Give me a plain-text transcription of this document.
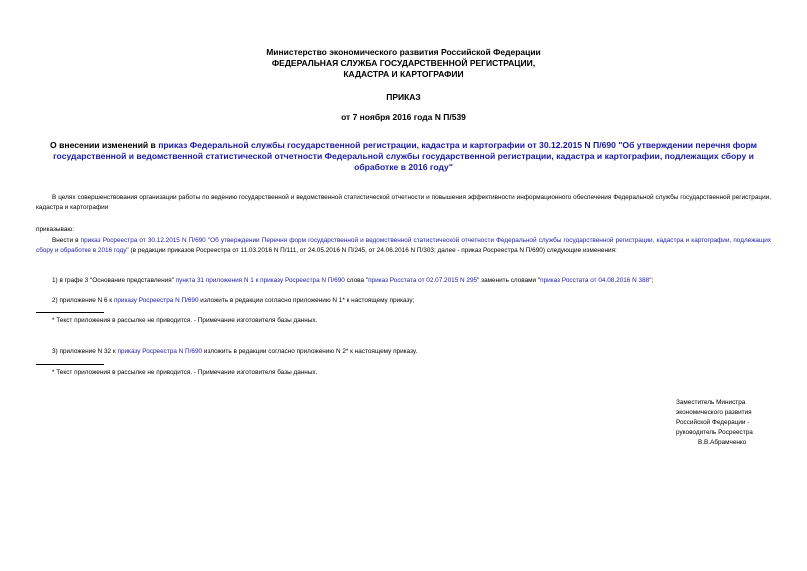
Министерство экономического развития Российской Федерации
ФЕДЕРАЛЬНАЯ СЛУЖБА ГОСУДАРСТВЕННОЙ РЕГИСТРАЦИИ,
КАДАСТРА И КАРТОГРАФИИ
ПРИКАЗ
от 7 ноября 2016 года N П/539
О внесении изменений в приказ Федеральной службы государственной регистрации, кадастра и картографии от 30.12.2015 N П/690 "Об утверждении перечня форм государственной и ведомственной статистической отчетности Федеральной службы государственной регистрации, кадастра и картографии, подлежащих сбору и обработке в 2016 году"
В целях совершенствования организации работы по ведению государственной и ведомственной статистической отчетности и повышения эффективности информационного обеспечения Федеральной службы государственной регистрации, кадастра и картографии
приказываю:
Внести в приказ Росреестра от 30.12.2015 N П/690 "Об утверждении Перечня форм государственной и ведомственной статистической отчетности Федеральной службы государственной регистрации, кадастра и картографии, подлежащих сбору и обработке в 2016 году" (в редакции приказов Росреестра от 11.03.2016 N П/111, от 24.05.2016 N П/245, от 24.06.2016 N П/303; далее - приказ Росреестра N П/690) следующие изменения:
1) в графе 3 "Основание представления" пункта 31 приложения N 1 к приказу Росреестра N П/690 слова "приказ Росстата от 02.07.2015 N 295" заменить словами "приказ Росстата от 04.08.2016 N 388";
2) приложение N 6 к приказу Росреестра N П/690 изложить в редакции согласно приложению N 1* к настоящему приказу;
* Текст приложения в рассылке не приводится. - Примечание изготовителя базы данных.
3) приложение N 32 к приказу Росреестра N П/690 изложить в редакции согласно приложению N 2* к настоящему приказу.
* Текст приложения в рассылке не приводится. - Примечание изготовителя базы данных.
Заместитель Министра
экономического развития
Российской Федерации -
руководитель Росреестра
В.В.Абрамченко
